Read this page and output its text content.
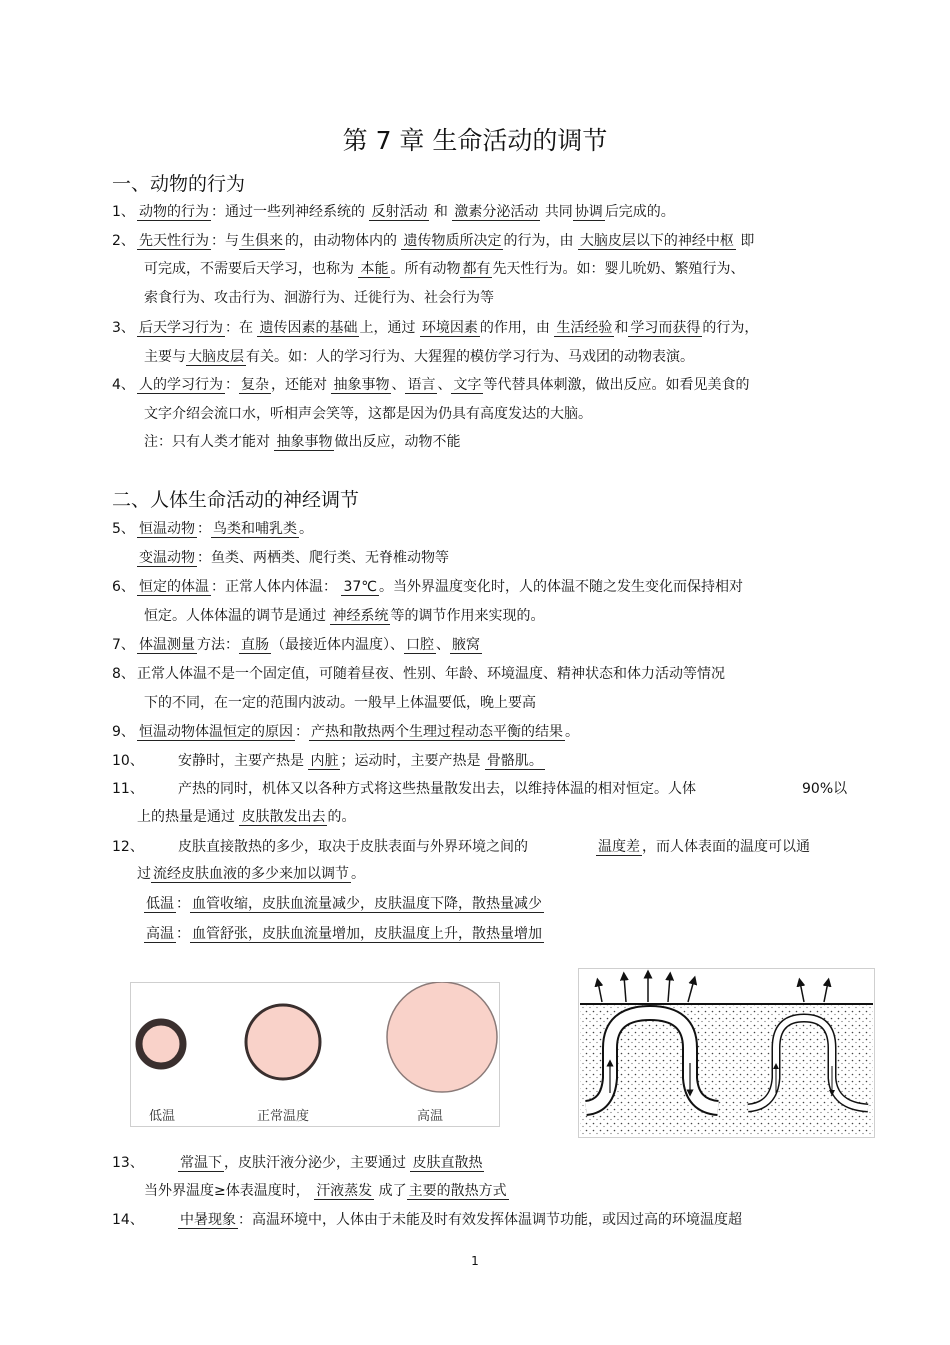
第 7 章 生命活动的调节
一、动物的行为
1、 动物的行为 ：通过一些列神经系统的 反射活动 和 激素分泌活动 共同 协调 后完成的。
2、 先天性行为 ：与 生俱来 的，由动物体内的 遗传物质所决定 的行为，由 大脑皮层以下的神经中枢 即
可完成，不需要后天学习，也称为 本能 。所有动物 都有 先天性行为。如：婴儿吮奶、繁殖行为、
索食行为、攻击行为、洄游行为、迁徙行为、社会行为等
3、 后天学习行为 ：在 遗传因素的基础 上，通过 环境因素 的作用，由 生活经验 和 学习而获得 的行为，
主要与 大脑皮层 有关。如：人的学习行为、大猩猩的模仿学习行为、马戏团的动物表演。
4、 人的学习行为 ： 复杂 ，还能对 抽象事物 、 语言 、 文字 等代替具体刺激，做出反应。如看见美食的
文字介绍会流口水，听相声会笑等，这都是因为仍具有高度发达的大脑。
注：只有人类才能对 抽象事物 做出反应，动物不能
二、人体生命活动的神经调节
5、 恒温动物 ： 鸟类和哺乳类 。
变温动物 ：鱼类、两栖类、爬行类、无脊椎动物等
6、 恒定的体温 ：正常人体内体温： 37℃ 。当外界温度变化时，人的体温不随之发生变化而保持相对
恒定。人体体温的调节是通过 神经系统 等的调节作用来实现的。
7、 体温测量 方法： 直肠 （最接近体内温度）、 口腔 、 腋窝
8、 正常人体温不是一个固定值，可随着昼夜、性别、年龄、环境温度、精神状态和体力活动等情况
下的不同，在一定的范围内波动。一般早上体温要低，晚上要高
9、 恒温动物体温恒定的原因 ： 产热和散热两个生理过程动态平衡的结果 。
10、 安静时，主要产热是 内脏 ；运动时，主要产热是 骨骼肌。
11、 产热的同时，机体又以各种方式将这些热量散发出去，以维持体温的相对恒定。人体	90%以
上的热量是通过 皮肤散发出去 的。
12、 皮肤直接散热的多少，取决于皮肤表面与外界环境之间的	温度差 ，而人体表面的温度可以通
过 流经皮肤血液的多少来加以调节 。
低温 ： 血管收缩，皮肤血流量减少，皮肤温度下降，散热量减少
高温 ： 血管舒张，皮肤血流量增加，皮肤温度上升，散热量增加
低温	正常温度	高温
13、	常温下 ，皮肤汗液分泌少，主要通过 皮肤直散热
当外界温度≥体表温度时， 汗液蒸发 成了 主要的散热方式
14、	中暑现象 ：高温环境中，人体由于未能及时有效发挥体温调节功能，或因过高的环境温度超
1
